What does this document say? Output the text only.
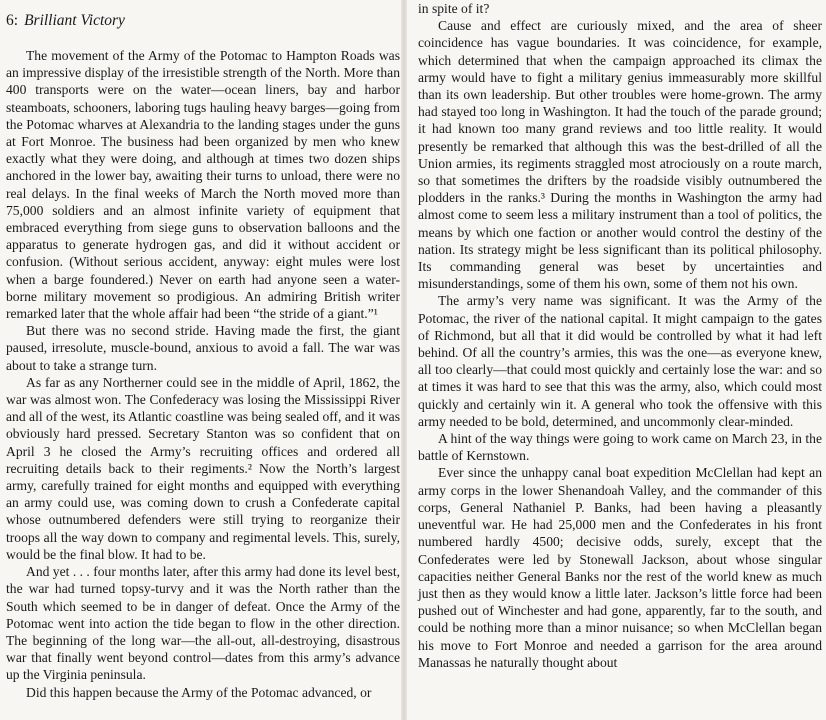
6: Brilliant Victory

The movement of the Army of the Potomac to Hampton Roads was an impressive display of the irresistible strength of the North. More than 400 transports were on the water—ocean liners, bay and harbor steamboats, schooners, laboring tugs hauling heavy barges—going from the Potomac wharves at Alexandria to the landing stages under the guns at Fort Monroe. The business had been organized by men who knew exactly what they were doing, and although at times two dozen ships anchored in the lower bay, awaiting their turns to unload, there were no real delays. In the final weeks of March the North moved more than 75,000 soldiers and an almost infinite variety of equipment that embraced everything from siege guns to observation balloons and the apparatus to generate hydrogen gas, and did it without accident or confusion. (Without serious accident, anyway: eight mules were lost when a barge foundered.) Never on earth had anyone seen a water-borne military movement so prodigious. An admiring British writer remarked later that the whole affair had been “the stride of a giant.”¹

But there was no second stride. Having made the first, the giant paused, irresolute, muscle-bound, anxious to avoid a fall. The war was about to take a strange turn.

As far as any Northerner could see in the middle of April, 1862, the war was almost won. The Confederacy was losing the Mississippi River and all of the west, its Atlantic coastline was being sealed off, and it was obviously hard pressed. Secretary Stanton was so confident that on April 3 he closed the Army’s recruiting offices and ordered all recruiting details back to their regiments.² Now the North’s largest army, carefully trained for eight months and equipped with everything an army could use, was coming down to crush a Confederate capital whose outnumbered defenders were still trying to reorganize their troops all the way down to company and regimental levels. This, surely, would be the final blow. It had to be.

And yet . . . four months later, after this army had done its level best, the war had turned topsy-turvy and it was the North rather than the South which seemed to be in danger of defeat. Once the Army of the Potomac went into action the tide began to flow in the other direction. The beginning of the long war—the all-out, all-destroying, disastrous war that finally went beyond control—dates from this army’s advance up the Virginia peninsula.

Did this happen because the Army of the Potomac advanced, or

in spite of it?

Cause and effect are curiously mixed, and the area of sheer coincidence has vague boundaries. It was coincidence, for example, which determined that when the campaign approached its climax the army would have to fight a military genius immeasurably more skillful than its own leadership. But other troubles were home-grown. The army had stayed too long in Washington. It had the touch of the parade ground; it had known too many grand reviews and too little reality. It would presently be remarked that although this was the best-drilled of all the Union armies, its regiments straggled most atrociously on a route march, so that sometimes the drifters by the roadside visibly outnumbered the plodders in the ranks.³ During the months in Washington the army had almost come to seem less a military instrument than a tool of politics, the means by which one faction or another would control the destiny of the nation. Its strategy might be less significant than its political philosophy. Its commanding general was beset by uncertainties and misunderstandings, some of them his own, some of them not his own.

The army’s very name was significant. It was the Army of the Potomac, the river of the national capital. It might campaign to the gates of Richmond, but all that it did would be controlled by what it had left behind. Of all the country’s armies, this was the one—as everyone knew, all too clearly—that could most quickly and certainly lose the war: and so at times it was hard to see that this was the army, also, which could most quickly and certainly win it. A general who took the offensive with this army needed to be bold, determined, and uncommonly clear-minded.

A hint of the way things were going to work came on March 23, in the battle of Kernstown.

Ever since the unhappy canal boat expedition McClellan had kept an army corps in the lower Shenandoah Valley, and the commander of this corps, General Nathaniel P. Banks, had been having a pleasantly uneventful war. He had 25,000 men and the Confederates in his front numbered hardly 4500; decisive odds, surely, except that the Confederates were led by Stonewall Jackson, about whose singular capacities neither General Banks nor the rest of the world knew as much just then as they would know a little later. Jackson’s little force had been pushed out of Winchester and had gone, apparently, far to the south, and could be nothing more than a minor nuisance; so when McClellan began his move to Fort Monroe and needed a garrison for the area around Manassas he naturally thought about
